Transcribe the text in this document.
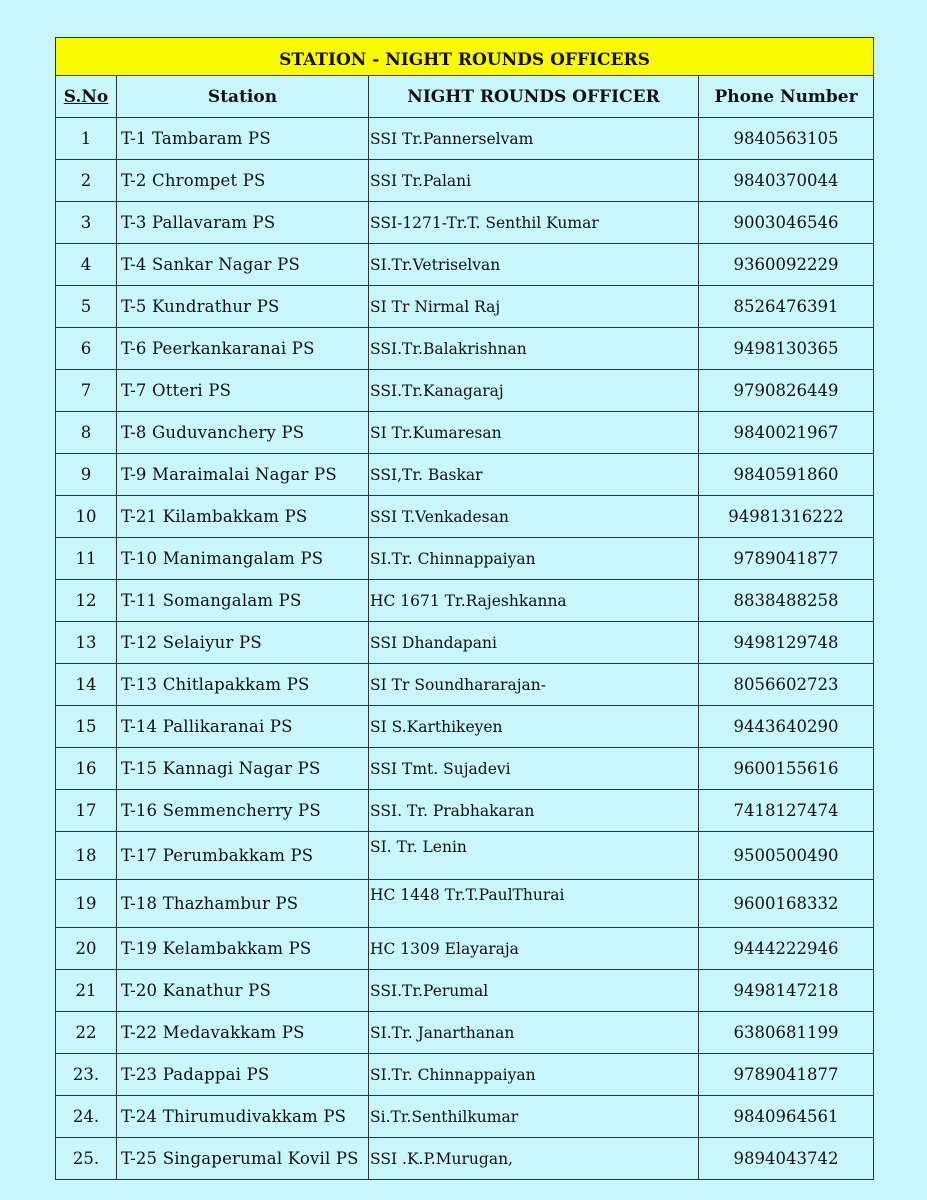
STATION - NIGHT ROUNDS OFFICERS			
S.No	Station	NIGHT ROUNDS OFFICER	Phone Number
1	T-1 Tambaram PS	SSI Tr.Pannerselvam	9840563105
2	T-2 Chrompet PS	SSI Tr.Palani	9840370044
3	T-3 Pallavaram PS	SSI-1271-Tr.T. Senthil Kumar	9003046546
4	T-4 Sankar Nagar PS	SI.Tr.Vetriselvan	9360092229
5	T-5 Kundrathur PS	SI Tr Nirmal Raj	8526476391
6	T-6 Peerkankaranai PS	SSI.Tr.Balakrishnan	9498130365
7	T-7 Otteri PS	SSI.Tr.Kanagaraj	9790826449
8	T-8 Guduvanchery PS	SI Tr.Kumaresan	9840021967
9	T-9 Maraimalai Nagar PS	SSI,Tr. Baskar	9840591860
10	T-21 Kilambakkam PS	SSI T.Venkadesan	94981316222
11	T-10 Manimangalam PS	SI.Tr. Chinnappaiyan	9789041877
12	T-11 Somangalam PS	HC 1671 Tr.Rajeshkanna	8838488258
13	T-12 Selaiyur PS	SSI Dhandapani	9498129748
14	T-13 Chitlapakkam PS	SI Tr Soundhararajan-	8056602723
15	T-14 Pallikaranai PS	SI S.Karthikeyen	9443640290
16	T-15 Kannagi Nagar PS	SSI Tmt. Sujadevi	9600155616
17	T-16 Semmencherry PS	SSI. Tr. Prabhakaran	7418127474
18	T-17 Perumbakkam PS	SI. Tr. Lenin	9500500490
19	T-18 Thazhambur PS	HC 1448 Tr.T.PaulThurai	9600168332
20	T-19 Kelambakkam PS	HC 1309 Elayaraja	9444222946
21	T-20 Kanathur PS	SSI.Tr.Perumal	9498147218
22	T-22 Medavakkam PS	SI.Tr. Janarthanan	6380681199
23.	T-23 Padappai PS	SI.Tr. Chinnappaiyan	9789041877
24.	T-24 Thirumudivakkam PS	Si.Tr.Senthilkumar	9840964561
25.	T-25 Singaperumal Kovil PS	SSI .K.P.Murugan,	9894043742
